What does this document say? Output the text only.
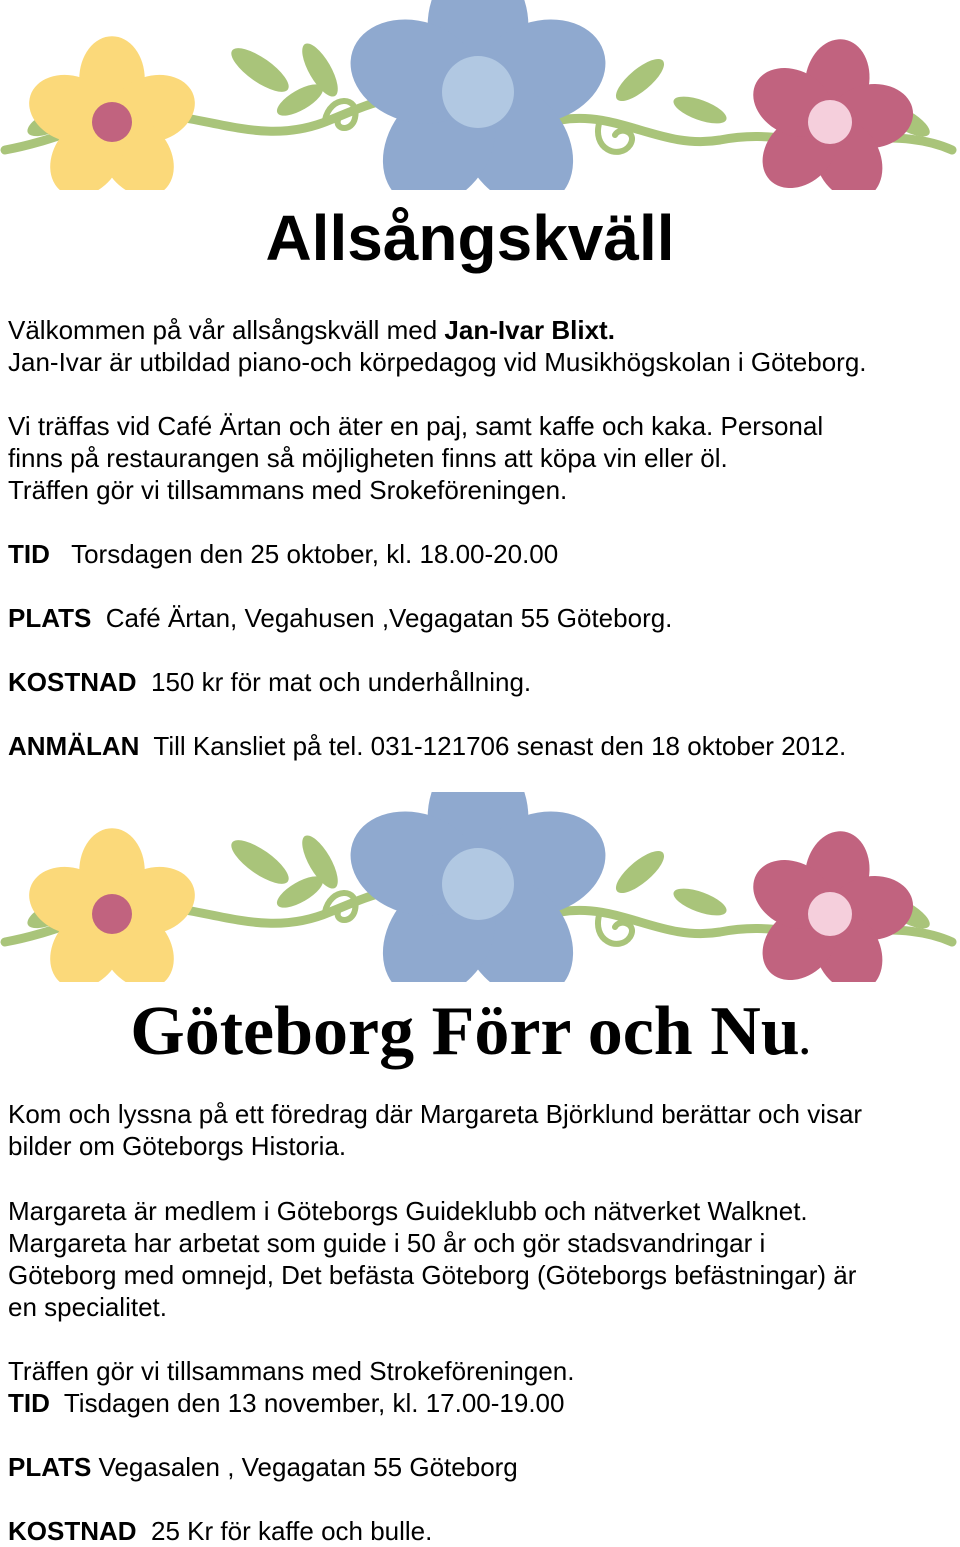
Allsångskväll

Välkommen på vår allsångskväll med Jan-Ivar Blixt.
Jan-Ivar är utbildad piano-och körpedagog vid Musikhögskolan i Göteborg.

Vi träffas vid Café Ärtan och äter en paj, samt kaffe och kaka. Personal
finns på restaurangen så möjligheten finns att köpa vin eller öl.
Träffen gör vi tillsammans med Srokeföreningen.

TID Torsdagen den 25 oktober, kl. 18.00-20.00

PLATS Café Ärtan, Vegahusen ,Vegagatan 55 Göteborg.

KOSTNAD 150 kr för mat och underhållning.

ANMÄLAN Till Kansliet på tel. 031-121706 senast den 18 oktober 2012.

Göteborg Förr och Nu.

Kom och lyssna på ett föredrag där Margareta Björklund berättar och visar
bilder om Göteborgs Historia.

Margareta är medlem i Göteborgs Guideklubb och nätverket Walknet.
Margareta har arbetat som guide i 50 år och gör stadsvandringar i
Göteborg med omnejd, Det befästa Göteborg (Göteborgs befästningar) är
en specialitet.

Träffen gör vi tillsammans med Strokeföreningen.
TID Tisdagen den 13 november, kl. 17.00-19.00

PLATS Vegasalen , Vegagatan 55 Göteborg

KOSTNAD 25 Kr för kaffe och bulle.
